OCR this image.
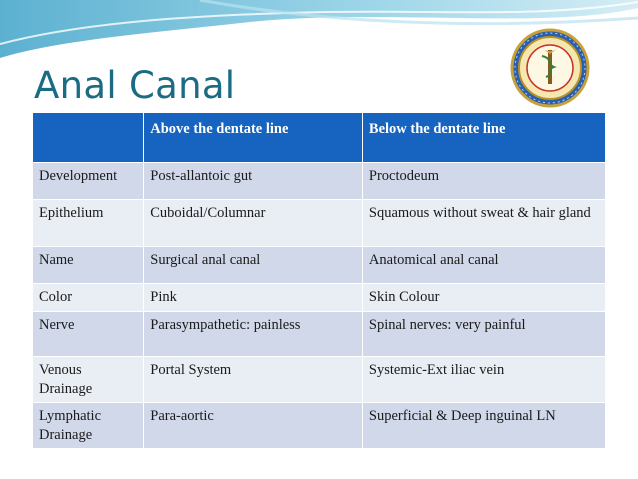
Anal Canal
	Above the dentate line	Below the dentate line
Development	Post-allantoic gut	Proctodeum
Epithelium	Cuboidal/Columnar	Squamous without sweat & hair gland
Name	Surgical anal canal	Anatomical anal canal
Color	Pink	Skin Colour
Nerve	Parasympathetic: painless	Spinal nerves: very painful
Venous Drainage	Portal System	Systemic-Ext iliac vein
Lymphatic Drainage	Para-aortic	Superficial & Deep inguinal LN
